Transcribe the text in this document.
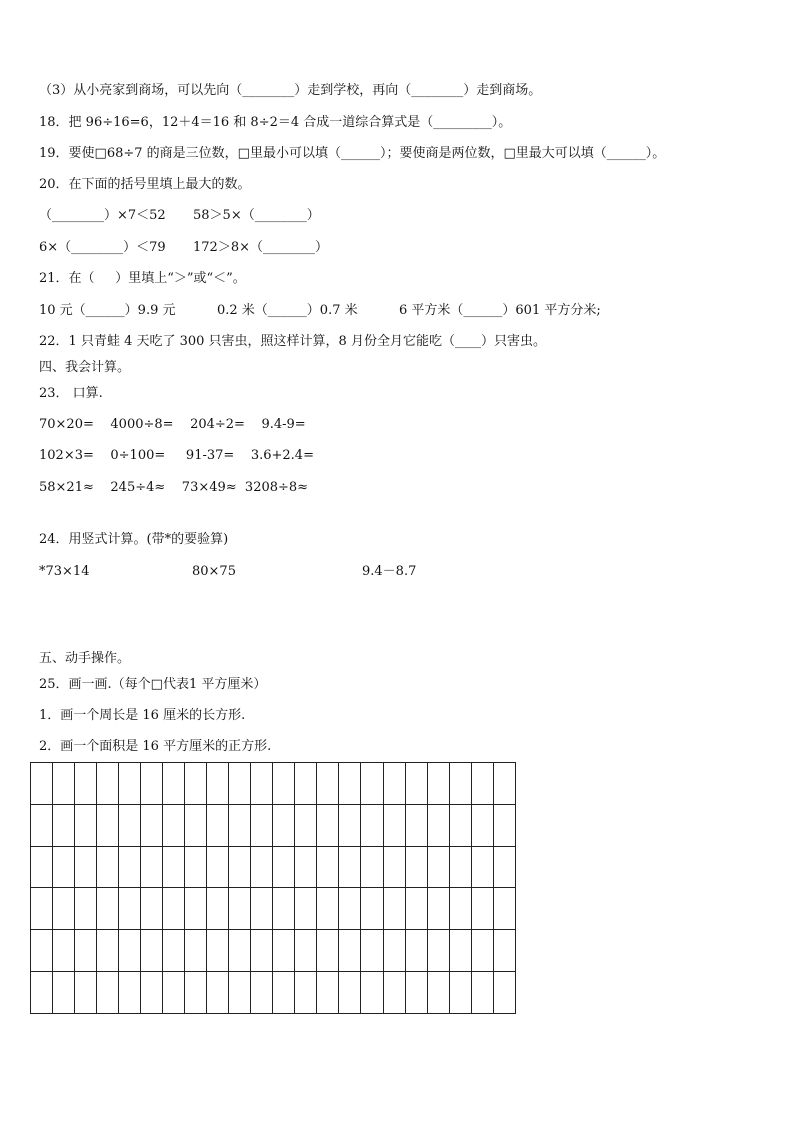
（3）从小亮家到商场，可以先向（________）走到学校，再向（________）走到商场。
18．把 96÷16=6，12＋4＝16 和 8÷2＝4 合成一道综合算式是（_________）。
19．要使□68÷7 的商是三位数，□里最小可以填（______）；要使商是两位数，□里最大可以填（______）。
20．在下面的括号里填上最大的数。
（________）×7＜52 58＞5×（________）
6×（________）＜79 172＞8×（________）
21．在（     ）里填上“＞”或“＜”。
10 元（______）9.9 元	0.2 米（______）0.7 米	6 平方米（______）601 平方分米;
22．1 只青蛙 4 天吃了 300 只害虫，照这样计算，8 月份全月它能吃（____）只害虫。
四、我会计算。
23． 口算.
70×20=    4000÷8=    204÷2=    9.4-9=
102×3=    0÷100=     91-37=    3.6+2.4=
58×21≈    245÷4≈    73×49≈  3208÷8≈
24．用竖式计算。(带*的要验算)
*73×14	80×75	9.4－8.7
五、动手操作。
25．画一画.（每个□代表1 平方厘米）
1．画一个周长是 16 厘米的长方形.
2．画一个面积是 16 平方厘米的正方形.
